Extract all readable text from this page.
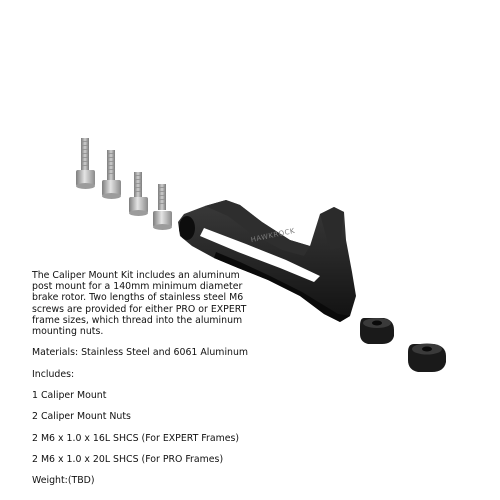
HAWKROCK

The Caliper Mount Kit includes an aluminum post mount for a 140mm minimum diameter brake rotor. Two lengths of stainless steel M6 screws are provided for either PRO or EXPERT frame sizes, which thread into the aluminum mounting nuts.

Materials: Stainless Steel and 6061 Aluminum

Includes:

1 Caliper Mount

2 Caliper Mount Nuts

2 M6 x 1.0 x 16L SHCS (For EXPERT Frames)

2 M6 x 1.0 x 20L SHCS (For PRO Frames)

Weight:(TBD)
